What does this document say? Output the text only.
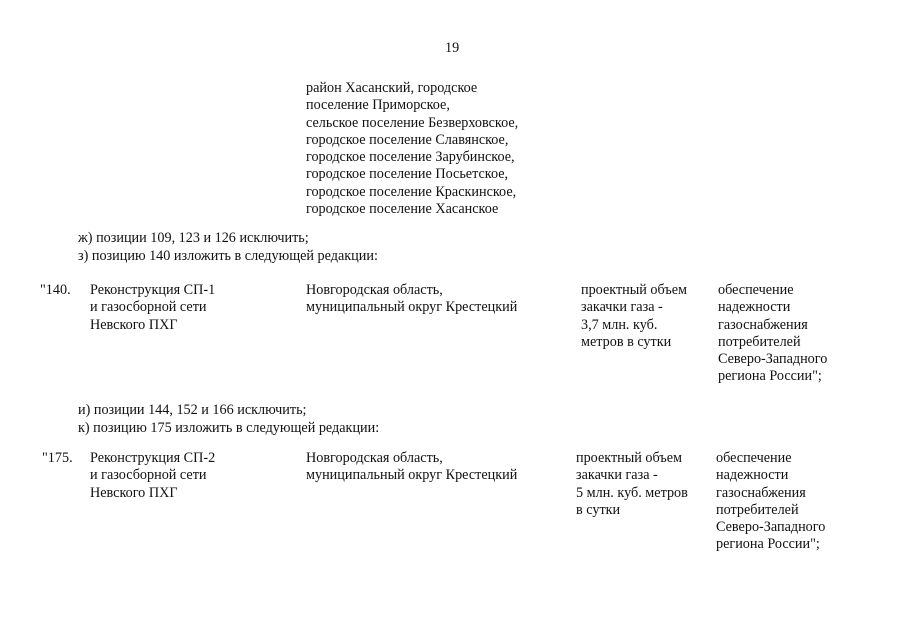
19
район Хасанский, городское
поселение Приморское,
сельское поселение Безверховское,
городское поселение Славянское,
городское поселение Зарубинское,
городское поселение Посьетское,
городское поселение Краскинское,
городское поселение Хасанское
ж) позиции 109, 123 и 126 исключить;
з) позицию 140 изложить в следующей редакции:
"140. Реконструкция СП-1
и газосборной сети
Невского ПХГ
Новгородская область,
муниципальный округ Крестецкий
проектный объем
закачки газа -
3,7 млн. куб.
метров в сутки
обеспечение
надежности
газоснабжения
потребителей
Северо-Западного
региона России";
и) позиции 144, 152 и 166 исключить;
к) позицию 175 изложить в следующей редакции:
"175. Реконструкция СП-2
и газосборной сети
Невского ПХГ
Новгородская область,
муниципальный округ Крестецкий
проектный объем
закачки газа -
5 млн. куб. метров
в сутки
обеспечение
надежности
газоснабжения
потребителей
Северо-Западного
региона России";
